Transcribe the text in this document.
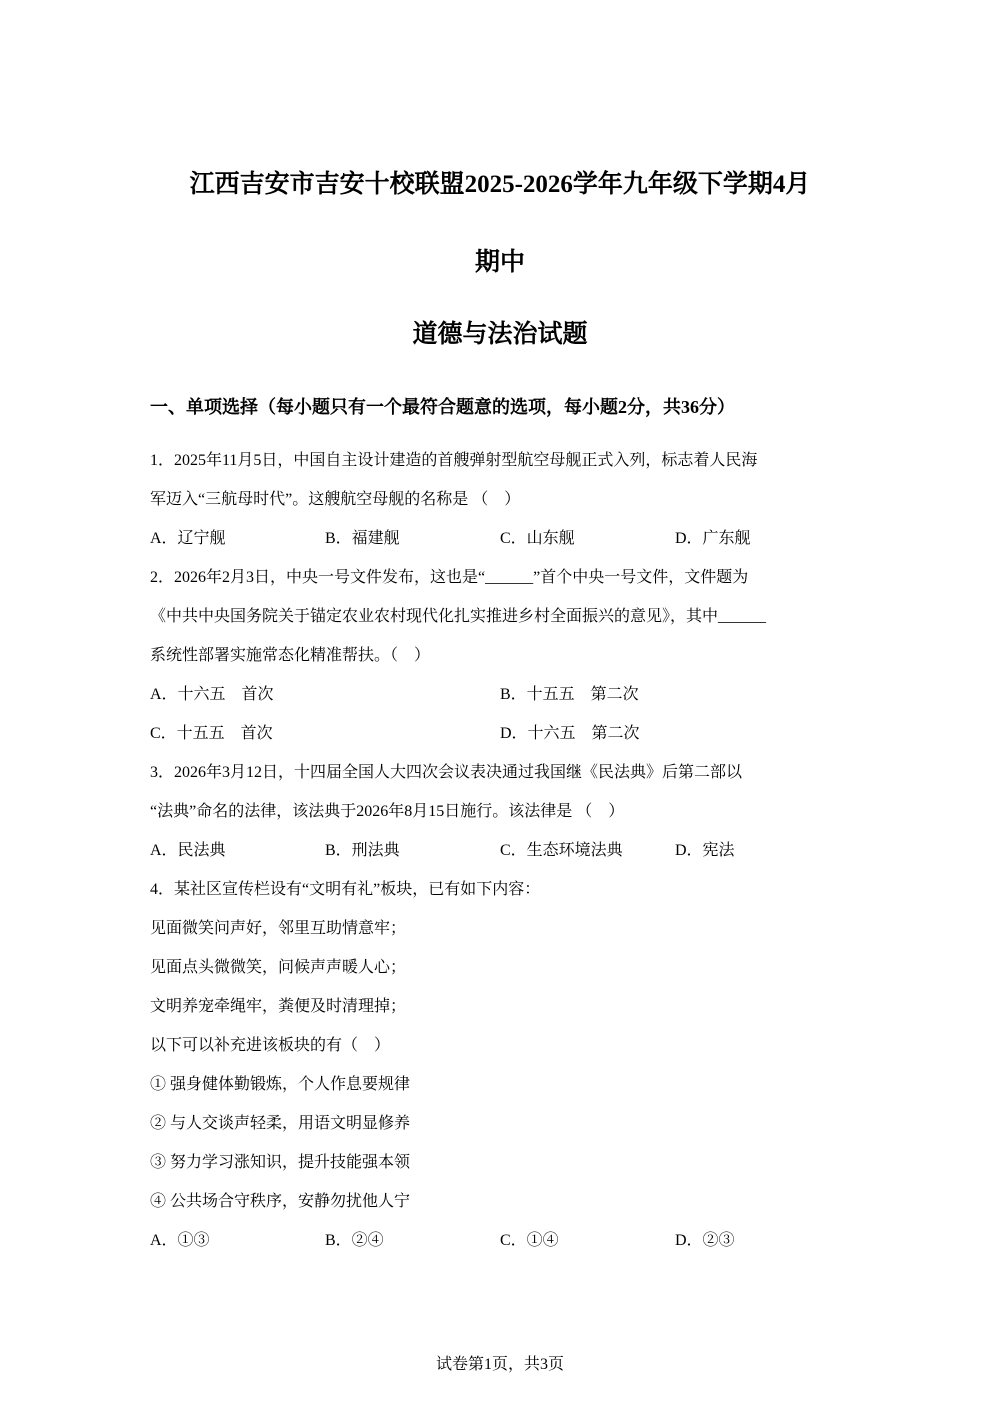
江西吉安市吉安十校联盟2025-2026学年九年级下学期4月
期中
道德与法治试题
一、单项选择（每小题只有一个最符合题意的选项，每小题2分，共36分）
1．2025年11月5日，中国自主设计建造的首艘弹射型航空母舰正式入列，标志着人民海
军迈入“三航母时代”。这艘航空母舰的名称是 （　）
A．辽宁舰	B．福建舰	C．山东舰	D．广东舰
2．2026年2月3日，中央一号文件发布，这也是“______”首个中央一号文件，文件题为
《中共中央国务院关于锚定农业农村现代化扎实推进乡村全面振兴的意见》，其中______
系统性部署实施常态化精准帮扶。（　）
A．十六五　首次	B．十五五　第二次
C．十五五　首次	D．十六五　第二次
3．2026年3月12日，十四届全国人大四次会议表决通过我国继《民法典》后第二部以
“法典”命名的法律，该法典于2026年8月15日施行。该法律是 （　）
A．民法典	B．刑法典	C．生态环境法典	D．宪法
4．某社区宣传栏设有“文明有礼”板块，已有如下内容：
见面微笑问声好，邻里互助情意牢；
见面点头微微笑，问候声声暖人心；
文明养宠牵绳牢，粪便及时清理掉；
以下可以补充进该板块的有（　）
① 强身健体勤锻炼，个人作息要规律
② 与人交谈声轻柔，用语文明显修养
③ 努力学习涨知识，提升技能强本领
④ 公共场合守秩序，安静勿扰他人宁
A．①③	B．②④	C．①④	D．②③
试卷第1页，共3页
